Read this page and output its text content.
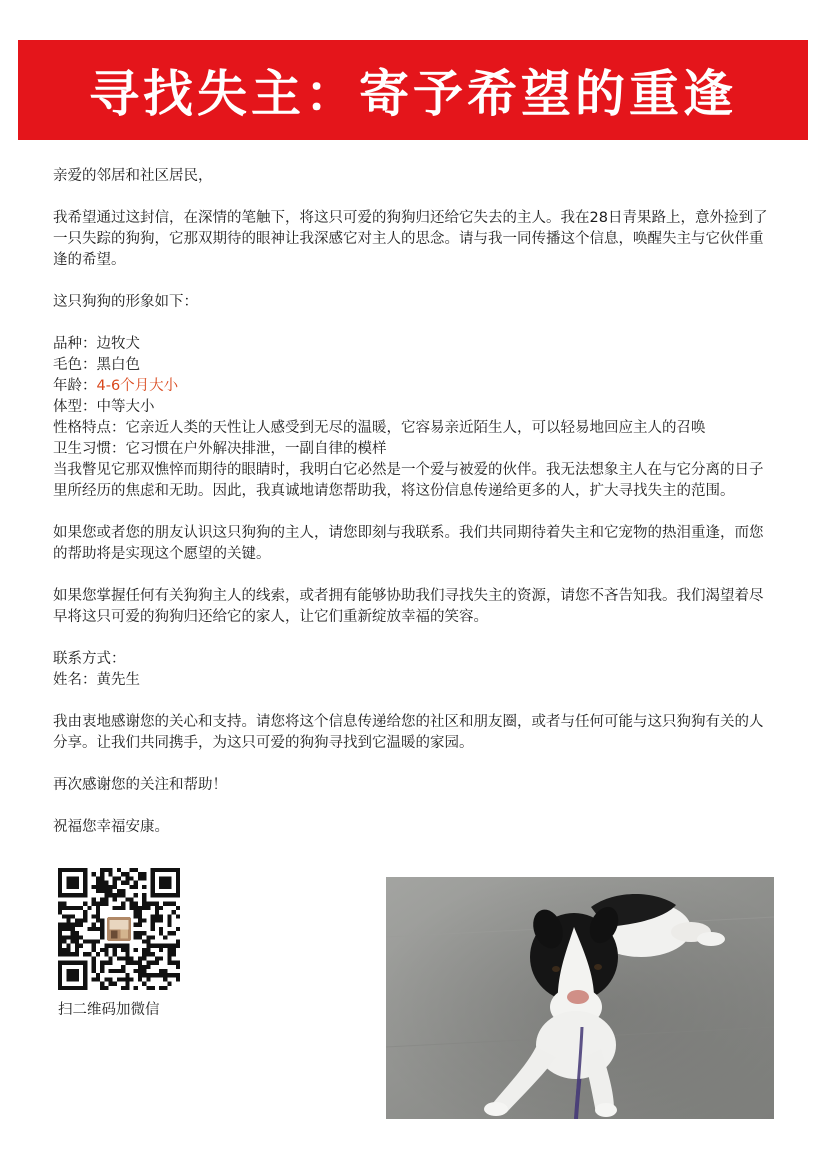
寻找失主：寄予希望的重逢

亲爱的邻居和社区居民，

我希望通过这封信，在深情的笔触下，将这只可爱的狗狗归还给它失去的主人。我在28日青果路上，意外捡到了一只失踪的狗狗，它那双期待的眼神让我深感它对主人的思念。请与我一同传播这个信息，唤醒失主与它伙伴重逢的希望。

这只狗狗的形象如下：

品种：边牧犬

毛色：黑白色

年龄：4-6个月大小

体型：中等大小

性格特点：它亲近人类的天性让人感受到无尽的温暖，它容易亲近陌生人，可以轻易地回应主人的召唤

卫生习惯：它习惯在户外解决排泄，一副自律的模样

当我瞥见它那双憔悴而期待的眼睛时，我明白它必然是一个爱与被爱的伙伴。我无法想象主人在与它分离的日子里所经历的焦虑和无助。因此，我真诚地请您帮助我，将这份信息传递给更多的人，扩大寻找失主的范围。

如果您或者您的朋友认识这只狗狗的主人，请您即刻与我联系。我们共同期待着失主和它宠物的热泪重逢，而您的帮助将是实现这个愿望的关键。

如果您掌握任何有关狗狗主人的线索，或者拥有能够协助我们寻找失主的资源，请您不吝告知我。我们渴望着尽早将这只可爱的狗狗归还给它的家人，让它们重新绽放幸福的笑容。

联系方式：

姓名：黄先生

我由衷地感谢您的关心和支持。请您将这个信息传递给您的社区和朋友圈，或者与任何可能与这只狗狗有关的人分享。让我们共同携手，为这只可爱的狗狗寻找到它温暖的家园。

再次感谢您的关注和帮助！

祝福您幸福安康。

扫二维码加微信
